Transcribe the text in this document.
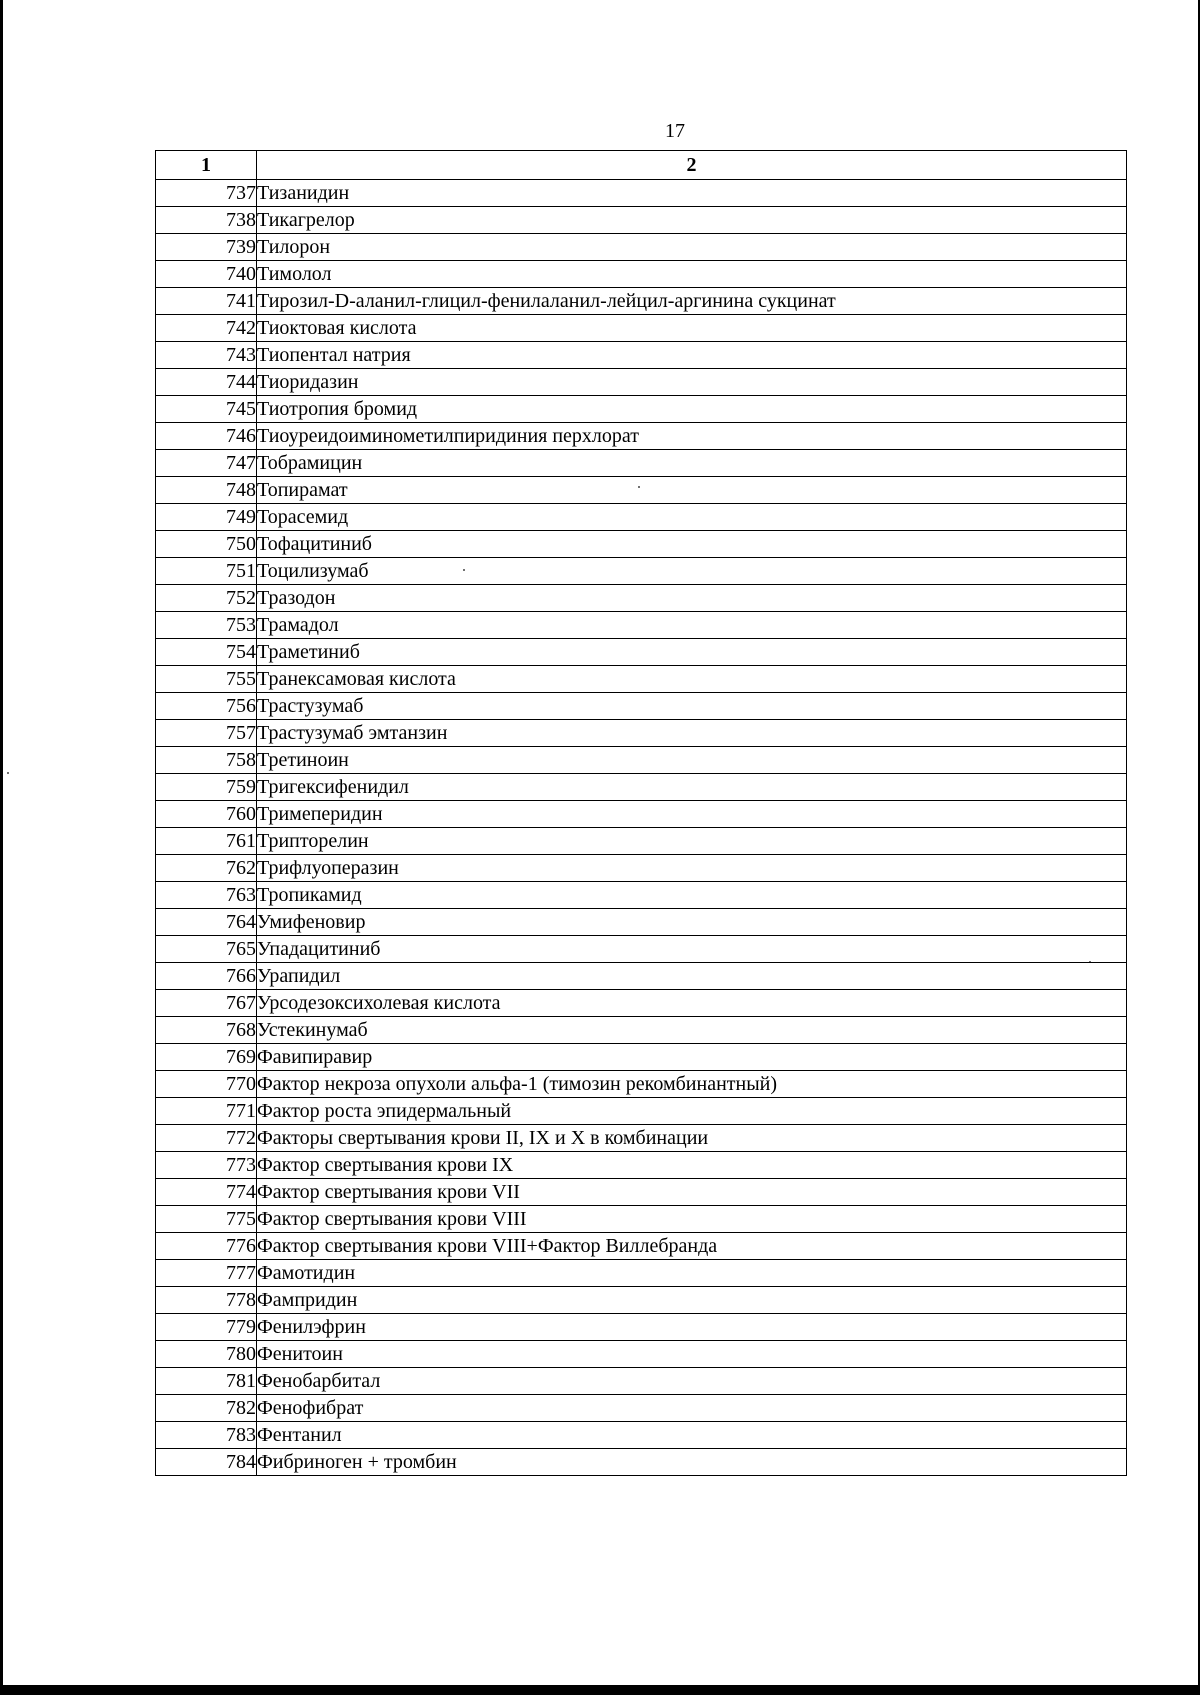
17
1	2
737	Тизанидин
738	Тикагрелор
739	Тилорон
740	Тимолол
741	Тирозил-D-аланил-глицил-фенилаланил-лейцил-аргинина сукцинат
742	Тиоктовая кислота
743	Тиопентал натрия
744	Тиоридазин
745	Тиотропия бромид
746	Тиоуреидоиминометилпиридиния перхлорат
747	Тобрамицин
748	Топирамат
749	Торасемид
750	Тофацитиниб
751	Тоцилизумаб
752	Тразодон
753	Трамадол
754	Траметиниб
755	Транексамовая кислота
756	Трастузумаб
757	Трастузумаб эмтанзин
758	Третиноин
759	Тригексифенидил
760	Тримеперидин
761	Трипторелин
762	Трифлуоперазин
763	Тропикамид
764	Умифеновир
765	Упадацитиниб
766	Урапидил
767	Урсодезоксихолевая кислота
768	Устекинумаб
769	Фавипиравир
770	Фактор некроза опухоли альфа-1 (тимозин рекомбинантный)
771	Фактор роста эпидермальный
772	Факторы свертывания крови II, IX и X в комбинации
773	Фактор свертывания крови IX
774	Фактор свертывания крови VII
775	Фактор свертывания крови VIII
776	Фактор свертывания крови VIII+Фактор Виллебранда
777	Фамотидин
778	Фампридин
779	Фенилэфрин
780	Фенитоин
781	Фенобарбитал
782	Фенофибрат
783	Фентанил
784	Фибриноген + тромбин
